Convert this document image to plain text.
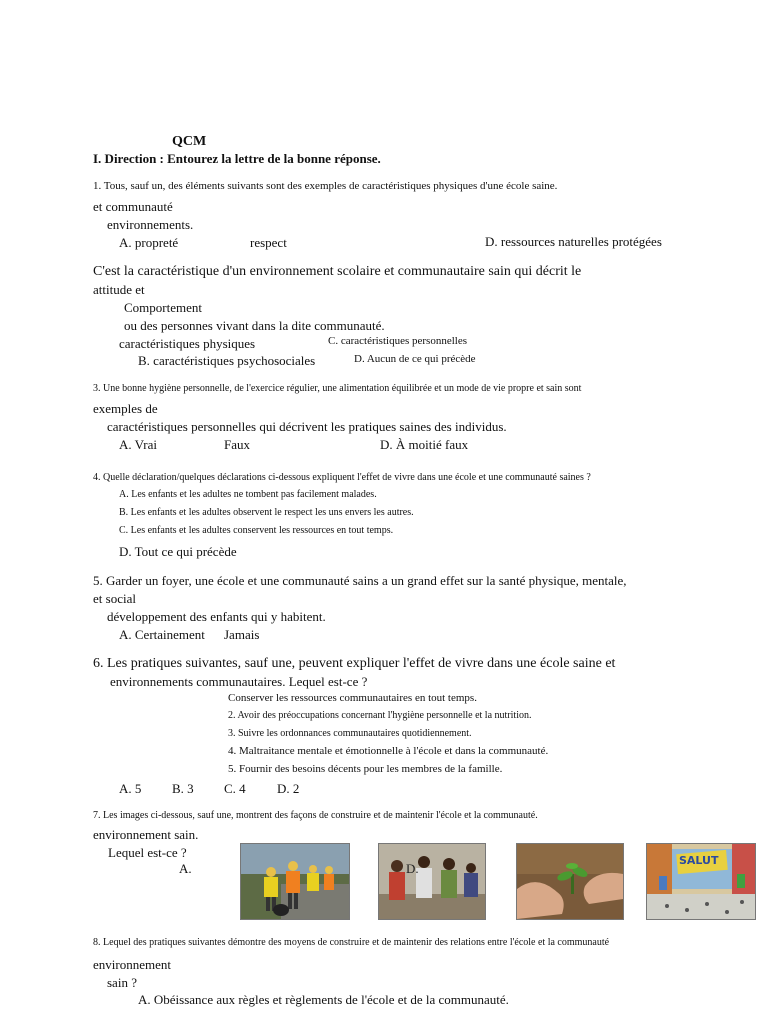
QCM
I. Direction : Entourez la lettre de la bonne réponse.
1. Tous, sauf un, des éléments suivants sont des exemples de caractéristiques physiques d'une école saine.
et communauté
environnements.
A. propreté	respect	D. ressources naturelles protégées
C'est la caractéristique d'un environnement scolaire et communautaire sain qui décrit le
attitude et
Comportement
ou des personnes vivant dans la dite communauté.
caractéristiques physiques	C. caractéristiques personnelles
B. caractéristiques psychosociales	D. Aucun de ce qui précède
3. Une bonne hygiène personnelle, de l'exercice régulier, une alimentation équilibrée et un mode de vie propre et sain sont
exemples de
caractéristiques personnelles qui décrivent les pratiques saines des individus.
A. Vrai	Faux	D. À moitié faux
4. Quelle déclaration/quelques déclarations ci-dessous expliquent l'effet de vivre dans une école et une communauté saines ?
A. Les enfants et les adultes ne tombent pas facilement malades.
B. Les enfants et les adultes observent le respect les uns envers les autres.
C. Les enfants et les adultes conservent les ressources en tout temps.
D. Tout ce qui précède
5. Garder un foyer, une école et une communauté sains a un grand effet sur la santé physique, mentale,
et social
développement des enfants qui y habitent.
A. Certainement Jamais
6. Les pratiques suivantes, sauf une, peuvent expliquer l'effet de vivre dans une école saine et
environnements communautaires. Lequel est-ce ?
Conserver les ressources communautaires en tout temps.
2. Avoir des préoccupations concernant l'hygiène personnelle et la nutrition.
3. Suivre les ordonnances communautaires quotidiennement.
4. Maltraitance mentale et émotionnelle à l'école et dans la communauté.
5. Fournir des besoins décents pour les membres de la famille.
A. 5 B. 3 C. 4 D. 2
7. Les images ci-dessous, sauf une, montrent des façons de construire et de maintenir l'école et la communauté.
environnement sain.
Lequel est-ce ?
A.	D.
SALUT
8. Lequel des pratiques suivantes démontre des moyens de construire et de maintenir des relations entre l'école et la communauté
environnement
sain ?
A. Obéissance aux règles et règlements de l'école et de la communauté.
